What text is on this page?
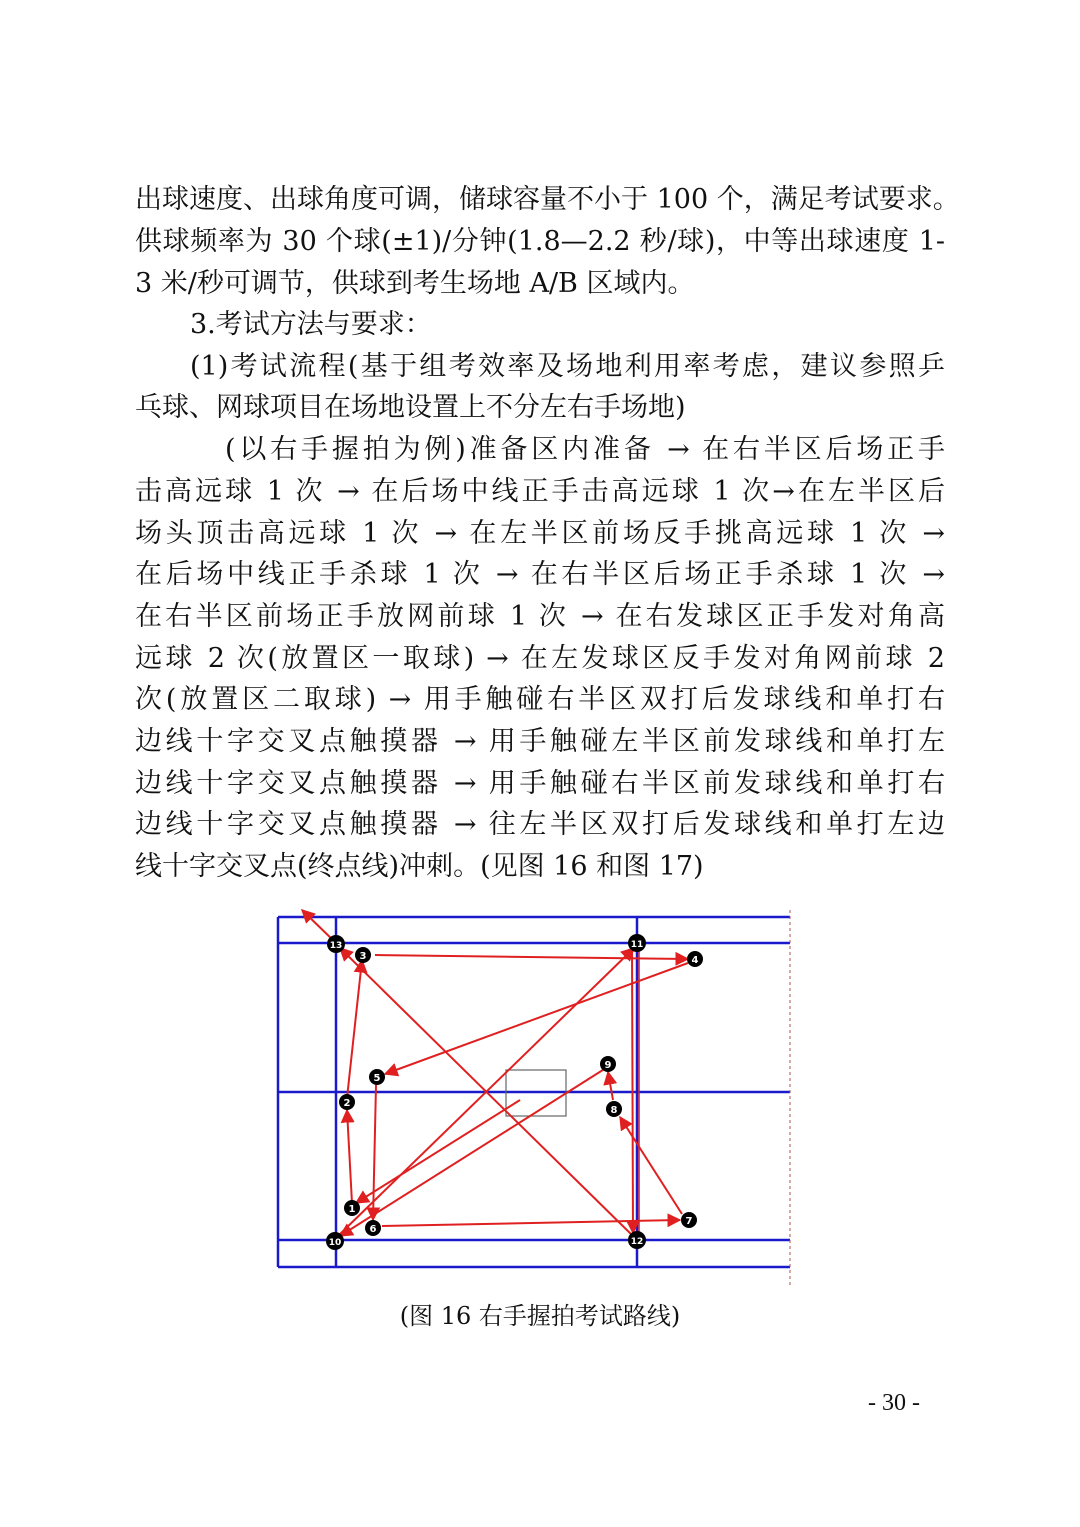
出球速度、出球角度可调，储球容量不小于 100 个，满足考试要求。
供球频率为 30 个球(±1)/分钟(1.8—2.2 秒/球)，中等出球速度 1-
3 米/秒可调节，供球到考生场地 A/B 区域内。
3.考试方法与要求：
(1)考试流程(基于组考效率及场地利用率考虑，建议参照乒
乓球、网球项目在场地设置上不分左右手场地)
(以右手握拍为例)准备区内准备 → 在右半区后场正手
击高远球 1 次 → 在后场中线正手击高远球 1 次→在左半区后
场头顶击高远球 1 次 → 在左半区前场反手挑高远球 1 次 →
在后场中线正手杀球 1 次 → 在右半区后场正手杀球 1 次 →
在右半区前场正手放网前球 1 次 → 在右发球区正手发对角高
远球 2 次(放置区一取球) → 在左发球区反手发对角网前球 2
次(放置区二取球) → 用手触碰右半区双打后发球线和单打右
边线十字交叉点触摸器 → 用手触碰左半区前发球线和单打左
边线十字交叉点触摸器 → 用手触碰右半区前发球线和单打右
边线十字交叉点触摸器 → 往左半区双打后发球线和单打左边
线十字交叉点(终点线)冲刺。(见图 16 和图 17)
1
2
3	4
5
6
7
8
9
10
11
12
13
(图 16 右手握拍考试路线)
- 30 -
